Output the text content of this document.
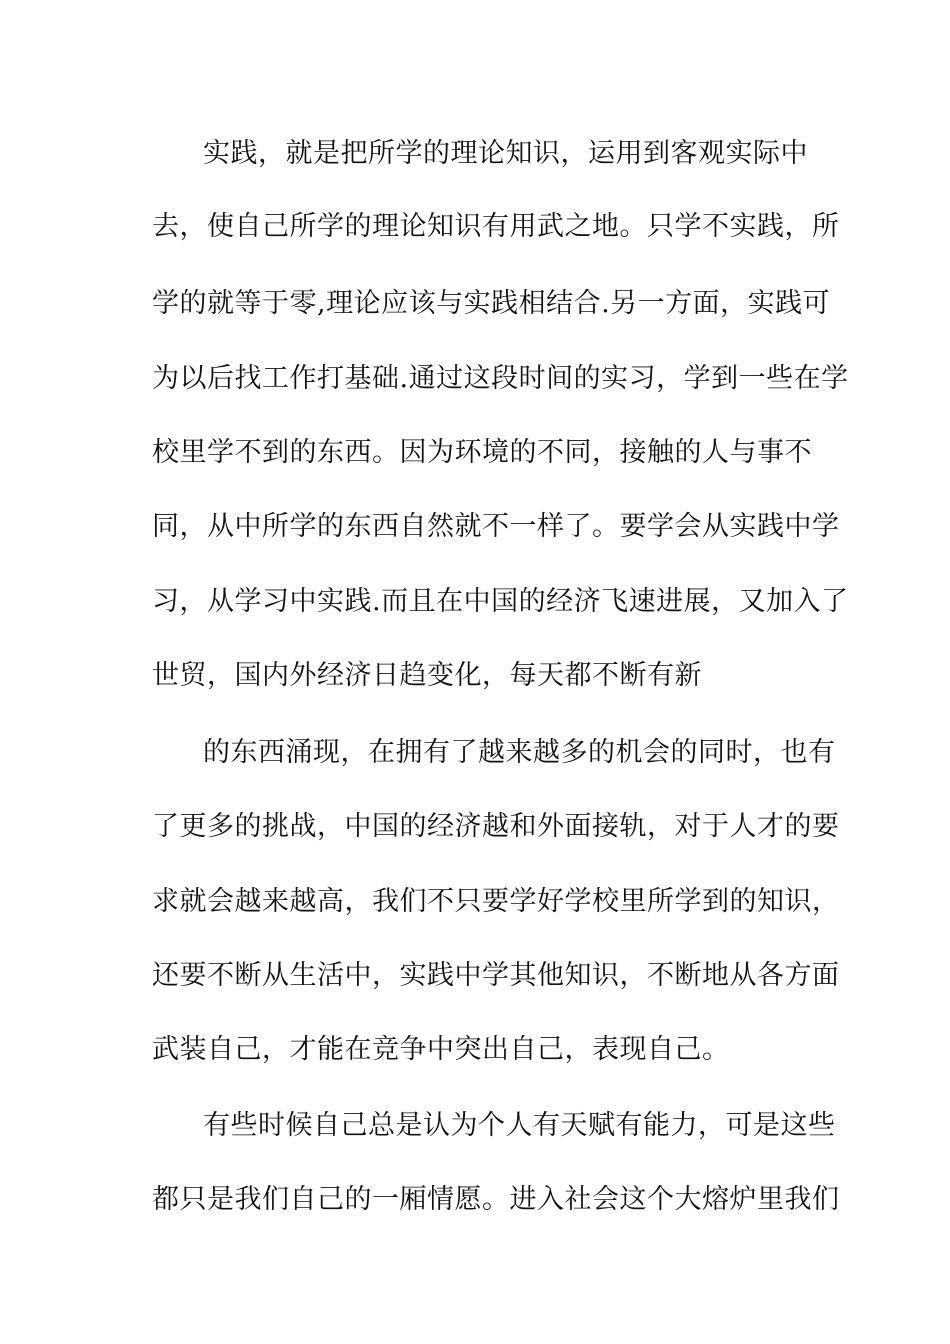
实践，就是把所学的理论知识，运用到客观实际中
去，使自己所学的理论知识有用武之地。只学不实践，所
学的就等于零,理论应该与实践相结合.另一方面，实践可
为以后找工作打基础.通过这段时间的实习，学到一些在学
校里学不到的东西。因为环境的不同，接触的人与事不
同，从中所学的东西自然就不一样了。要学会从实践中学
习，从学习中实践.而且在中国的经济飞速进展，又加入了
世贸，国内外经济日趋变化，每天都不断有新
的东西涌现，在拥有了越来越多的机会的同时，也有
了更多的挑战，中国的经济越和外面接轨，对于人才的要
求就会越来越高，我们不只要学好学校里所学到的知识，
还要不断从生活中，实践中学其他知识，不断地从各方面
武装自己，才能在竞争中突出自己，表现自己。
有些时候自己总是认为个人有天赋有能力，可是这些
都只是我们自己的一厢情愿。进入社会这个大熔炉里我们
